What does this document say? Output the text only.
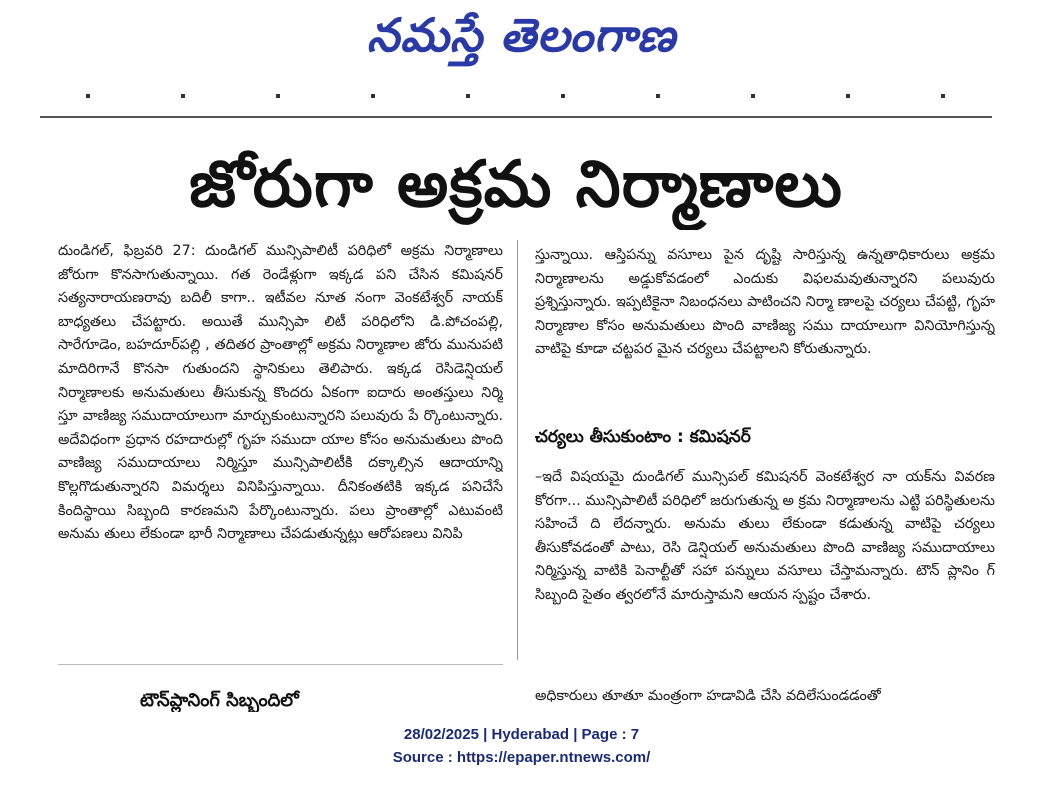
నమస్తే తెలంగాణ
జోరుగా అక్రమ నిర్మాణాలు

దుండిగల్, ఫిబ్రవరి 27: దుండిగల్ మున్సిపాలిటీ పరిధిలో అక్రమ నిర్మాణాలు జోరుగా కొనసాగుతున్నాయి. గత రెండేళ్లుగా ఇక్కడ పని చేసిన కమిషనర్ సత్యనారాయణరావు బదిలీ కాగా.. ఇటీవల నూత నంగా వెంకటేశ్వర్ నాయక్ బాధ్యతలు చేపట్టారు. అయితే మున్సిపా లిటీ పరిధిలోని డి.పోచంపల్లి, సారేగూడెం, బహదూర్‌పల్లి , తదితర ప్రాంతాల్లో అక్రమ నిర్మాణాల జోరు మునుపటి మాదిరిగానే కొనసా గుతుందని స్థానికులు తెలిపారు. ఇక్కడ రెసిడెన్షియల్ నిర్మాణాలకు అనుమతులు తీసుకున్న కొందరు ఏకంగా ఐదారు అంతస్తులు నిర్మి స్తూ వాణిజ్య సముదాయాలుగా మార్చుకుంటున్నారని పలువురు పే ర్కొంటున్నారు. అదేవిధంగా ప్రధాన రహదారుల్లో గృహ సముదా యాల కోసం అనుమతులు పొంది వాణిజ్య సముదాయాలు నిర్మిస్తూ మున్సిపాలిటీకి దక్కాల్సిన ఆదాయాన్ని కొల్లగొడుతున్నారని విమర్శలు వినిపిస్తున్నాయి. దీనికంతటికి ఇక్కడ పనిచేసే కిందిస్థాయి సిబ్బంది కారణమని పేర్కొంటున్నారు. పలు ప్రాంతాల్లో ఎటువంటి అనుమ తులు లేకుండా భారీ నిర్మాణాలు చేపడుతున్నట్లు ఆరోపణలు వినిపి

స్తున్నాయి. ఆస్తిపన్ను వసూలు పైన దృష్టి సారిస్తున్న ఉన్నతాధికారులు అక్రమ నిర్మాణాలను అడ్డుకోవడంలో ఎందుకు విఫలమవుతున్నారని పలువురు ప్రశ్నిస్తున్నారు. ఇప్పటికైనా నిబంధనలు పాటించని నిర్మా ణాలపై చర్యలు చేపట్టి, గృహ నిర్మాణాల కోసం అనుమతులు పొంది వాణిజ్య సము దాయాలుగా వినియోగిస్తున్న వాటిపై కూడా చట్టపర మైన చర్యలు చేపట్టాలని కోరుతున్నారు.

చర్యలు తీసుకుంటాం : కమిషనర్

–ఇదే విషయమై దుండిగల్ మున్సిపల్ కమిషనర్ వెంకటేశ్వర నా యక్‌ను వివరణ కోరగా... మున్సిపాలిటీ పరిధిలో జరుగుతున్న అ క్రమ నిర్మాణాలను ఎట్టి పరిస్థితులను సహించే ది లేదన్నారు. అనుమ తులు లేకుండా కడుతున్న వాటిపై చర్యలు తీసుకోవడంతో పాటు, రెసి డెన్షియల్ అనుమతులు పొంది వాణిజ్య సముదాయాలు నిర్మిస్తున్న వాటికి పెనాల్టీతో సహా పన్నులు వసూలు చేస్తామన్నారు. టౌన్ ప్లానిం గ్ సిబ్బంది సైతం త్వరలోనే మారుస్తామని ఆయన స్పష్టం చేశారు.

టౌన్‌ప్లానింగ్ సిబ్బంది‌లో	అధికారులు తూతూ మంత్రంగా హడావిడి చేసి వదిలేసుండడంతో
28/02/2025 | Hyderabad | Page : 7
Source : https://epaper.ntnews.com/
